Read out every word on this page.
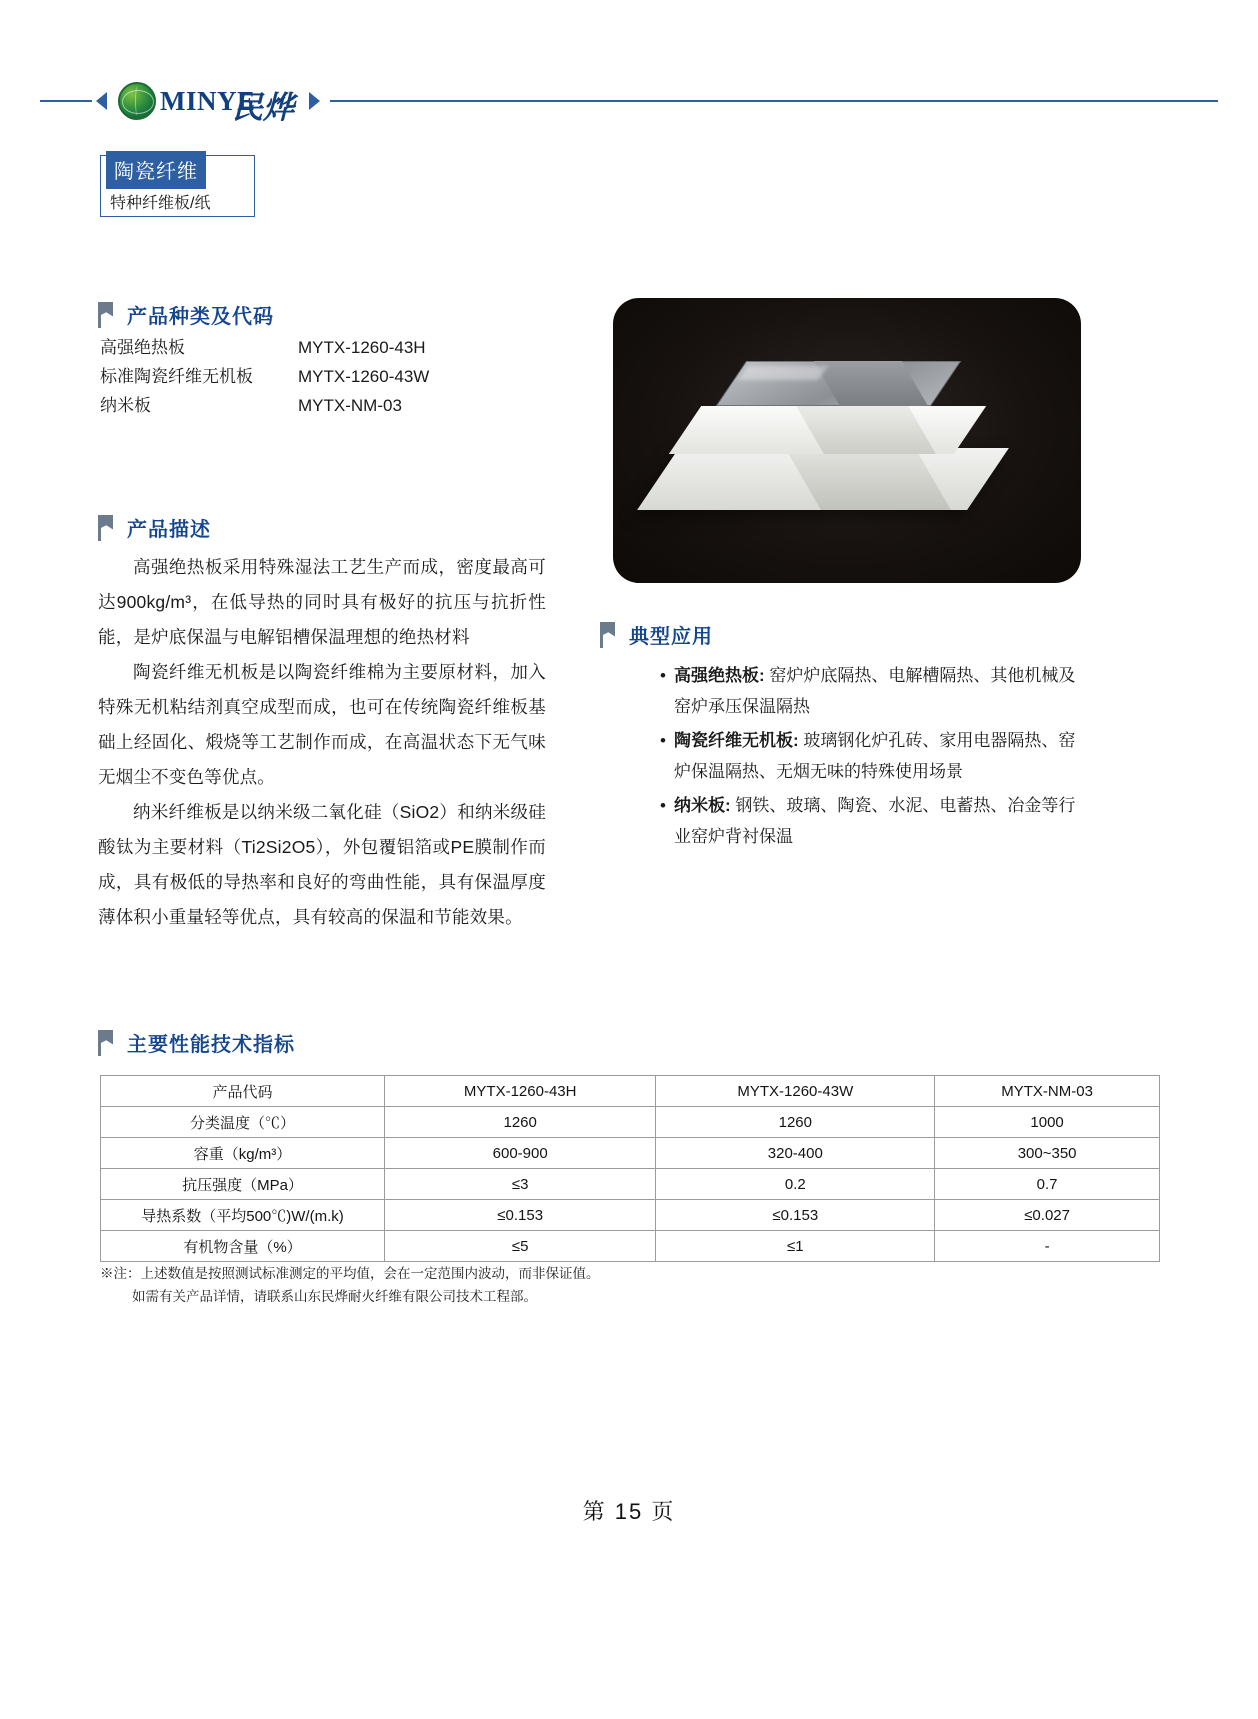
MINYE
民烨
陶瓷纤维
特种纤维板/纸
产品种类及代码
高强绝热板	MYTX-1260-43H
标准陶瓷纤维无机板	MYTX-1260-43W
纳米板	MYTX-NM-03
产品描述

高强绝热板采用特殊湿法工艺生产而成，密度最高可达900kg/m³，在低导热的同时具有极好的抗压与抗折性能，是炉底保温与电解铝槽保温理想的绝热材料

陶瓷纤维无机板是以陶瓷纤维棉为主要原材料，加入特殊无机粘结剂真空成型而成，也可在传统陶瓷纤维板基础上经固化、煅烧等工艺制作而成，在高温状态下无气味无烟尘不变色等优点。

纳米纤维板是以纳米级二氧化硅（SiO2）和纳米级硅酸钛为主要材料（Ti2Si2O5），外包覆铝箔或PE膜制作而成，具有极低的导热率和良好的弯曲性能，具有保温厚度薄体积小重量轻等优点，具有较高的保温和节能效果。

典型应用
• 高强绝热板: 窑炉炉底隔热、电解槽隔热、其他机械及窑炉承压保温隔热
• 陶瓷纤维无机板: 玻璃钢化炉孔砖、家用电器隔热、窑炉保温隔热、无烟无味的特殊使用场景
• 纳米板: 钢铁、玻璃、陶瓷、水泥、电蓄热、冶金等行业窑炉背衬保温
主要性能技术指标
产品代码	MYTX-1260-43H	MYTX-1260-43W	MYTX-NM-03
分类温度（℃）	1260	1260	1000
容重（kg/m³）	600-900	320-400	300~350
抗压强度（MPa）	≤3	0.2	0.7
导热系数（平均500℃)W/(m.k)	≤0.153	≤0.153	≤0.027
有机物含量（%）	≤5	≤1	-
※注：上述数值是按照测试标准测定的平均值，会在一定范围内波动，而非保证值。
如需有关产品详情，请联系山东民烨耐火纤维有限公司技术工程部。
第 15 页
